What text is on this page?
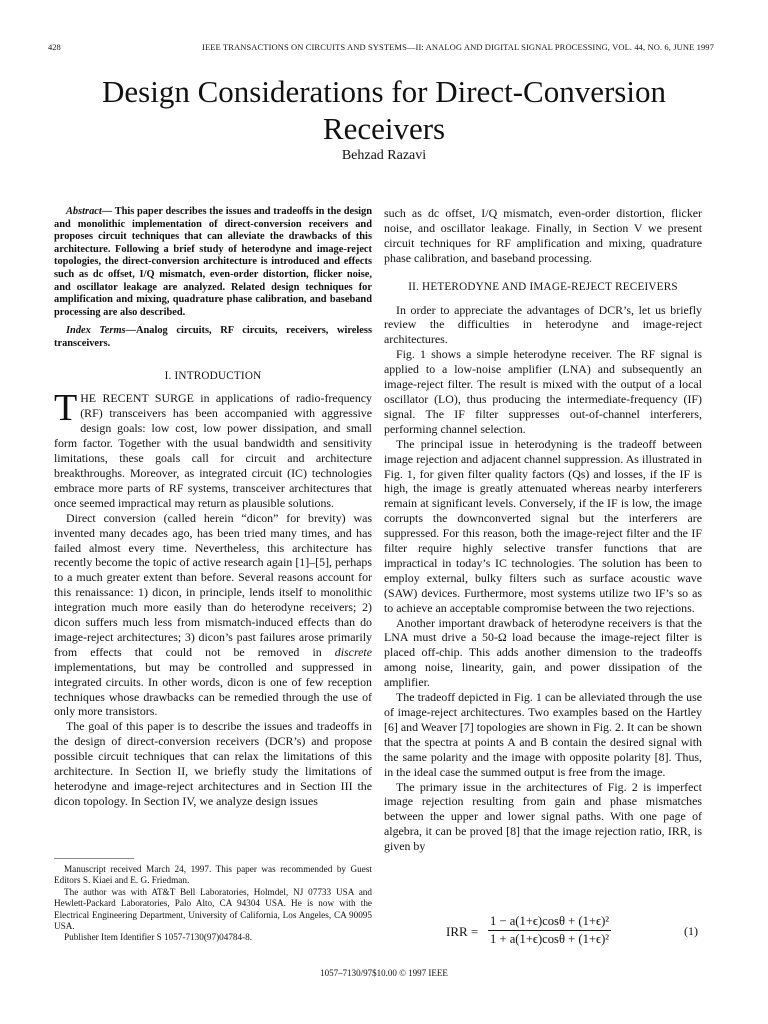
428	IEEE TRANSACTIONS ON CIRCUITS AND SYSTEMS—II: ANALOG AND DIGITAL SIGNAL PROCESSING, VOL. 44, NO. 6, JUNE 1997
Design Considerations for Direct-Conversion
Receivers
Behzad Razavi

Abstract— This paper describes the issues and tradeoffs in the design and monolithic implementation of direct-conversion receivers and proposes circuit techniques that can alleviate the drawbacks of this architecture. Following a brief study of heterodyne and image-reject topologies, the direct-conversion architecture is introduced and effects such as dc offset, I/Q mismatch, even-order distortion, flicker noise, and oscillator leakage are analyzed. Related design techniques for amplification and mixing, quadrature phase calibration, and baseband processing are also described.

Index Terms—Analog circuits, RF circuits, receivers, wireless transceivers.

I. INTRODUCTION

THE RECENT SURGE in applications of radio-frequency (RF) transceivers has been accompanied with aggressive design goals: low cost, low power dissipation, and small form factor. Together with the usual bandwidth and sensitivity limitations, these goals call for circuit and architecture breakthroughs. Moreover, as integrated circuit (IC) technologies embrace more parts of RF systems, transceiver architectures that once seemed impractical may return as plausible solutions.

Direct conversion (called herein “dicon” for brevity) was invented many decades ago, has been tried many times, and has failed almost every time. Nevertheless, this architecture has recently become the topic of active research again [1]–[5], perhaps to a much greater extent than before. Several reasons account for this renaissance: 1) dicon, in principle, lends itself to monolithic integration much more easily than do heterodyne receivers; 2) dicon suffers much less from mismatch-induced effects than do image-reject architectures; 3) dicon’s past failures arose primarily from effects that could not be removed in discrete implementations, but may be controlled and suppressed in integrated circuits. In other words, dicon is one of few reception techniques whose drawbacks can be remedied through the use of only more transistors.

The goal of this paper is to describe the issues and tradeoffs in the design of direct-conversion receivers (DCR’s) and propose possible circuit techniques that can relax the limitations of this architecture. In Section II, we briefly study the limitations of heterodyne and image-reject architectures and in Section III the dicon topology. In Section IV, we analyze design issues

Manuscript received March 24, 1997. This paper was recommended by Guest Editors S. Kiaei and E. G. Friedman.

The author was with AT&T Bell Laboratories, Holmdel, NJ 07733 USA and Hewlett-Packard Laboratories, Palo Alto, CA 94304 USA. He is now with the Electrical Engineering Department, University of California, Los Angeles, CA 90095 USA.

Publisher Item Identifier S 1057-7130(97)04784-8.

such as dc offset, I/Q mismatch, even-order distortion, flicker noise, and oscillator leakage. Finally, in Section V we present circuit techniques for RF amplification and mixing, quadrature phase calibration, and baseband processing.

II. HETERODYNE AND IMAGE-REJECT RECEIVERS

In order to appreciate the advantages of DCR’s, let us briefly review the difficulties in heterodyne and image-reject architectures.

Fig. 1 shows a simple heterodyne receiver. The RF signal is applied to a low-noise amplifier (LNA) and subsequently an image-reject filter. The result is mixed with the output of a local oscillator (LO), thus producing the intermediate-frequency (IF) signal. The IF filter suppresses out-of-channel interferers, performing channel selection.

The principal issue in heterodyning is the tradeoff between image rejection and adjacent channel suppression. As illustrated in Fig. 1, for given filter quality factors (Qs) and losses, if the IF is high, the image is greatly attenuated whereas nearby interferers remain at significant levels. Conversely, if the IF is low, the image corrupts the downconverted signal but the interferers are suppressed. For this reason, both the image-reject filter and the IF filter require highly selective transfer functions that are impractical in today’s IC technologies. The solution has been to employ external, bulky filters such as surface acoustic wave (SAW) devices. Furthermore, most systems utilize two IF’s so as to achieve an acceptable compromise between the two rejections.

Another important drawback of heterodyne receivers is that the LNA must drive a 50-Ω load because the image-reject filter is placed off-chip. This adds another dimension to the tradeoffs among noise, linearity, gain, and power dissipation of the amplifier.

The tradeoff depicted in Fig. 1 can be alleviated through the use of image-reject architectures. Two examples based on the Hartley [6] and Weaver [7] topologies are shown in Fig. 2. It can be shown that the spectra at points A and B contain the desired signal with the same polarity and the image with opposite polarity [8]. Thus, in the ideal case the summed output is free from the image.

The primary issue in the architectures of Fig. 2 is imperfect image rejection resulting from gain and phase mismatches between the upper and lower signal paths. With one page of algebra, it can be proved [8] that the image rejection ratio, IRR, is given by

IRR =
1 − a(1+ϵ)cosθ + (1+ϵ)²
1 + a(1+ϵ)cosθ + (1+ϵ)²
(1)
1057–7130/97$10.00 © 1997 IEEE
